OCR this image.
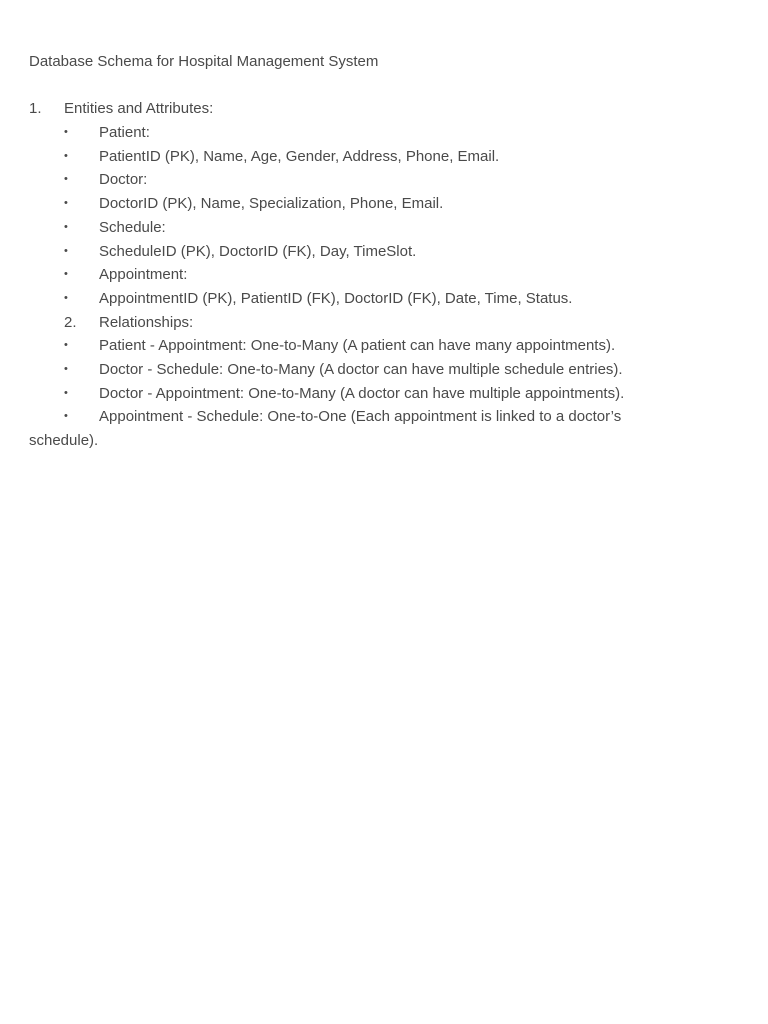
Database Schema for Hospital Management System
1. Entities and Attributes:
• Patient:
• PatientID (PK), Name, Age, Gender, Address, Phone, Email.
• Doctor:
• DoctorID (PK), Name, Specialization, Phone, Email.
• Schedule:
• ScheduleID (PK), DoctorID (FK), Day, TimeSlot.
• Appointment:
• AppointmentID (PK), PatientID (FK), DoctorID (FK), Date, Time, Status.
2. Relationships:
• Patient - Appointment: One-to-Many (A patient can have many appointments).
• Doctor - Schedule: One-to-Many (A doctor can have multiple schedule entries).
• Doctor - Appointment: One-to-Many (A doctor can have multiple appointments).
• Appointment - Schedule: One-to-One (Each appointment is linked to a doctor’s
schedule).
